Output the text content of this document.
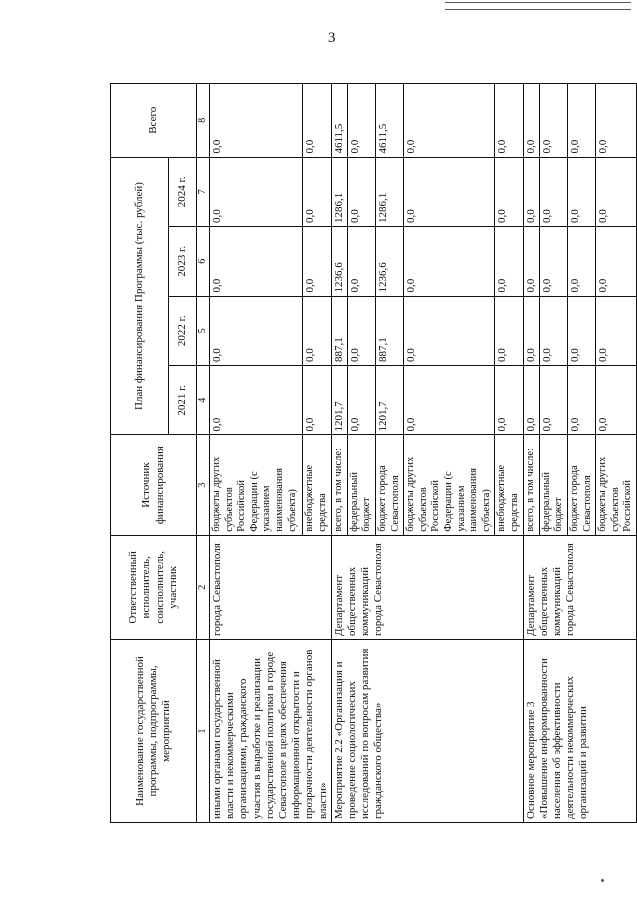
3
Наименование государственной программы, подпрограммы, мероприятий	Ответственный исполнитель, соисполнитель, участник	Источник финансирования	План финансирования Программы (тыс. рублей)				Всего
			2021 г.	2022 г.	2023 г.	2024 г.	
1	2	3	4	5	6	7	8
иными органами государственной власти и некоммерческими организациями, гражданского участия в выработке и реализации государственной политики в городе Севастополе в целях обеспечения информационной открытости и прозрачности деятельности органов власти»	города Севастополя	бюджеты других субъектов Российской Федерации (с указанием наименования субъекта)	0,0	0,0	0,0	0,0	0,0
		внебюджетные средства	0,0	0,0	0,0	0,0	0,0
Мероприятие 2.2 «Организация и проведение социологических исследований по вопросам развития гражданского общества»	Департамент общественных коммуникаций города Севастополя	всего, в том числе:	1201,7	887,1	1236,6	1286,1	4611,5
		федеральный бюджет	0,0	0,0	0,0	0,0	0,0
		бюджет города Севастополя	1201,7	887,1	1236,6	1286,1	4611,5
		бюджеты других субъектов Российской Федерации (с указанием наименования субъекта)	0,0	0,0	0,0	0,0	0,0
		внебюджетные средства	0,0	0,0	0,0	0,0	0,0
Основное мероприятие 3 «Повышение информированности населения об эффективности деятельности некоммерческих организаций и развитии	Департамент общественных коммуникаций города Севастополя	всего, в том числе:	0,0	0,0	0,0	0,0	0,0
		федеральный бюджет	0,0	0,0	0,0	0,0	0,0
		бюджет города Севастополя	0,0	0,0	0,0	0,0	0,0
		бюджеты других субъектов Российской	0,0	0,0	0,0	0,0	0,0
